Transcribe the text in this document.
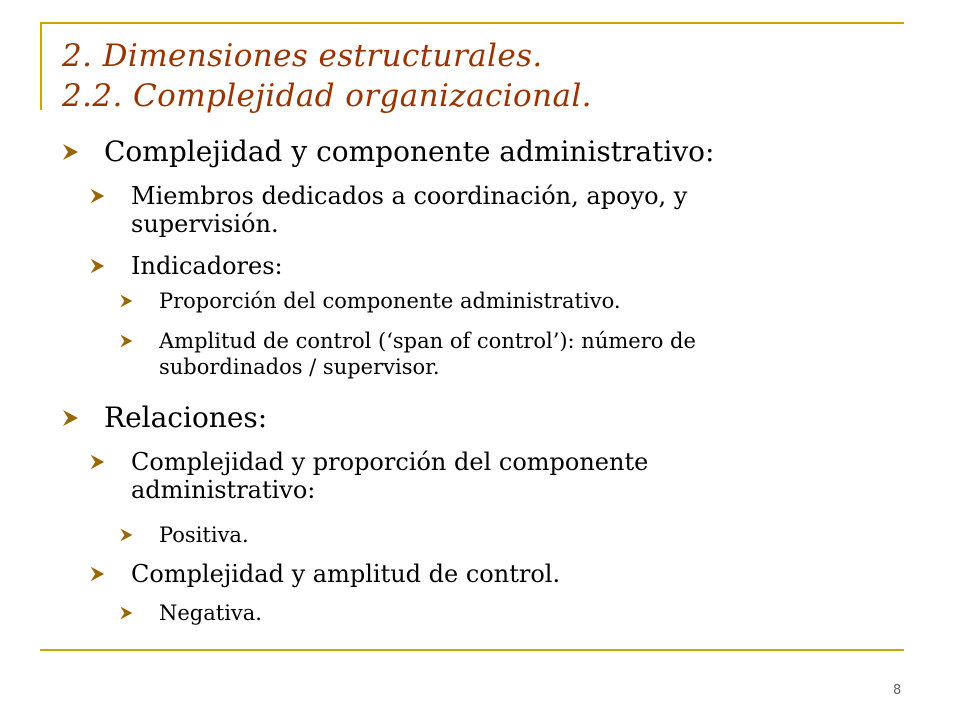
2. Dimensiones estructurales.
2.2. Complejidad organizacional.
Complejidad y componente administrativo:
Miembros dedicados a coordinación, apoyo, y
supervisión.
Indicadores:
Proporción del componente administrativo.
Amplitud de control (‘span of control’): número de
subordinados / supervisor.
Relaciones:
Complejidad y proporción del componente
administrativo:
Positiva.
Complejidad y amplitud de control.
Negativa.
8
